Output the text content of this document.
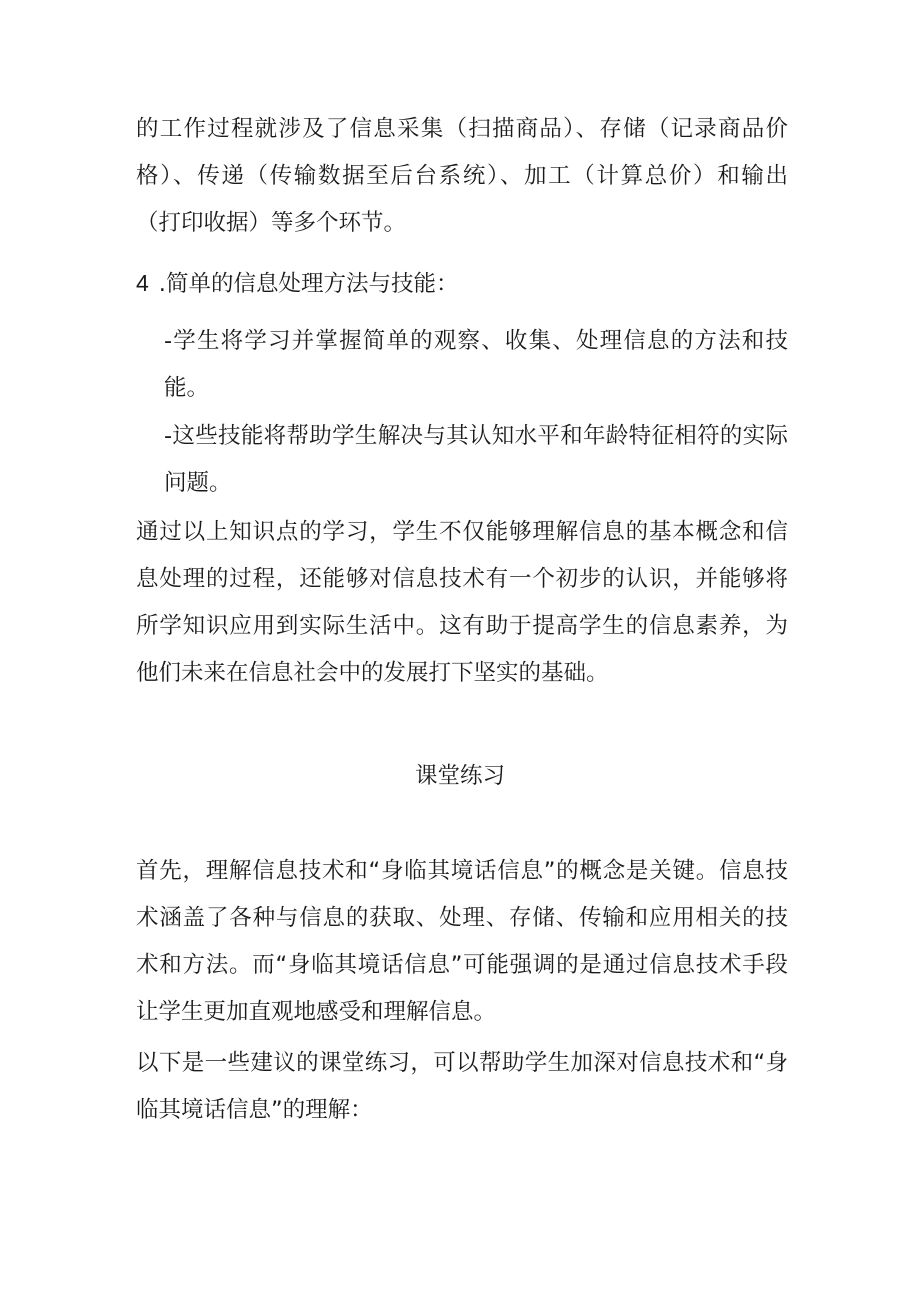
的工作过程就涉及了信息采集（扫描商品）、存储（记录商品价格）、传递（传输数据至后台系统）、加工（计算总价）和输出（打印收据）等多个环节。

4 .简单的信息处理方法与技能：

-学生将学习并掌握简单的观察、收集、处理信息的方法和技能。

-这些技能将帮助学生解决与其认知水平和年龄特征相符的实际问题。

通过以上知识点的学习，学生不仅能够理解信息的基本概念和信息处理的过程，还能够对信息技术有一个初步的认识，并能够将所学知识应用到实际生活中。这有助于提高学生的信息素养，为他们未来在信息社会中的发展打下坚实的基础。

课堂练习

首先，理解信息技术和“身临其境话信息”的概念是关键。信息技术涵盖了各种与信息的获取、处理、存储、传输和应用相关的技术和方法。而“身临其境话信息”可能强调的是通过信息技术手段让学生更加直观地感受和理解信息。

以下是一些建议的课堂练习，可以帮助学生加深对信息技术和“身临其境话信息”的理解：
